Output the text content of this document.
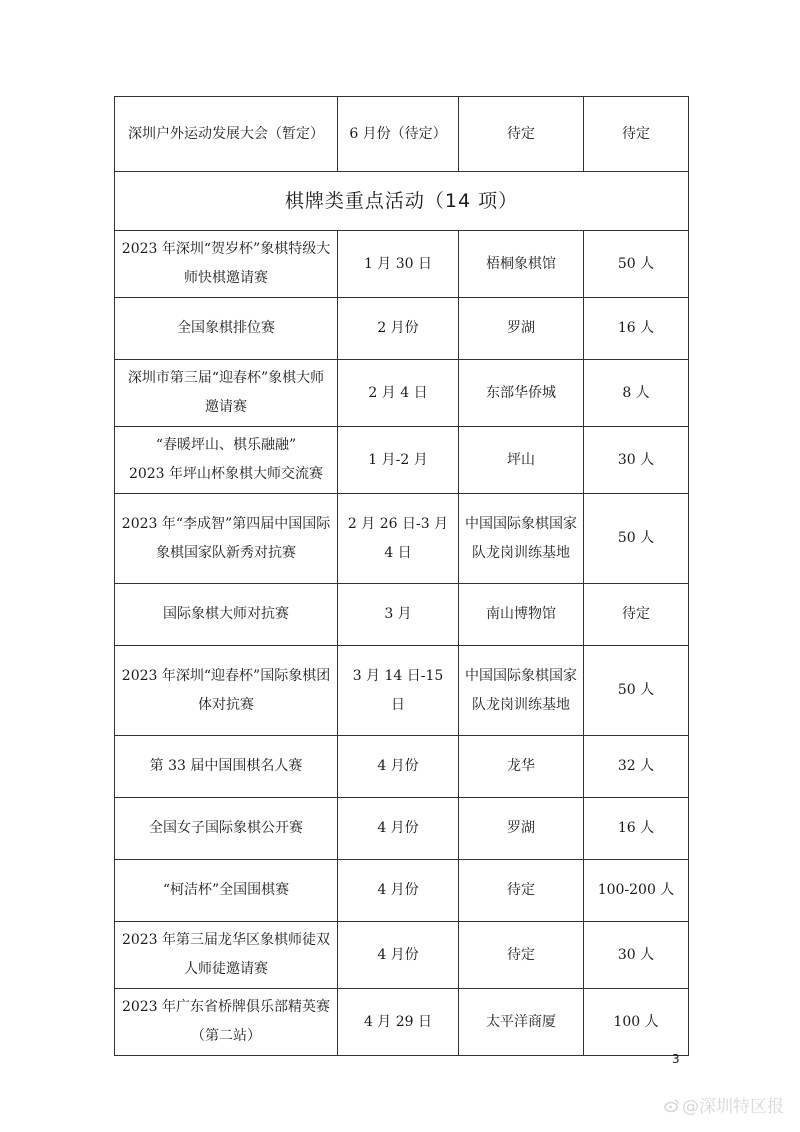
深圳户外运动发展大会（暂定）	6 月份（待定）	待定	待定
棋牌类重点活动（14 项）			
2023 年深圳“贺岁杯”象棋特级大师快棋邀请赛	1 月 30 日	梧桐象棋馆	50 人
全国象棋排位赛	2 月份	罗湖	16 人
深圳市第三届“迎春杯”象棋大师邀请赛	2 月 4 日	东部华侨城	8 人
“春暖坪山、棋乐融融”
2023 年坪山杯象棋大师交流赛	1 月-2 月	坪山	30 人
2023 年“李成智”第四届中国国际象棋国家队新秀对抗赛	2 月 26 日-3 月 4 日	中国国际象棋国家队龙岗训练基地	50 人
国际象棋大师对抗赛	3 月	南山博物馆	待定
2023 年深圳“迎春杯”国际象棋团体对抗赛	3 月 14 日-15 日	中国国际象棋国家队龙岗训练基地	50 人
第 33 届中国围棋名人赛	4 月份	龙华	32 人
全国女子国际象棋公开赛	4 月份	罗湖	16 人
“柯洁杯”全国围棋赛	4 月份	待定	100-200 人
2023 年第三届龙华区象棋师徒双人师徒邀请赛	4 月份	待定	30 人
2023 年广东省桥牌俱乐部精英赛（第二站）	4 月 29 日	太平洋商厦	100 人
3
@深圳特区报
